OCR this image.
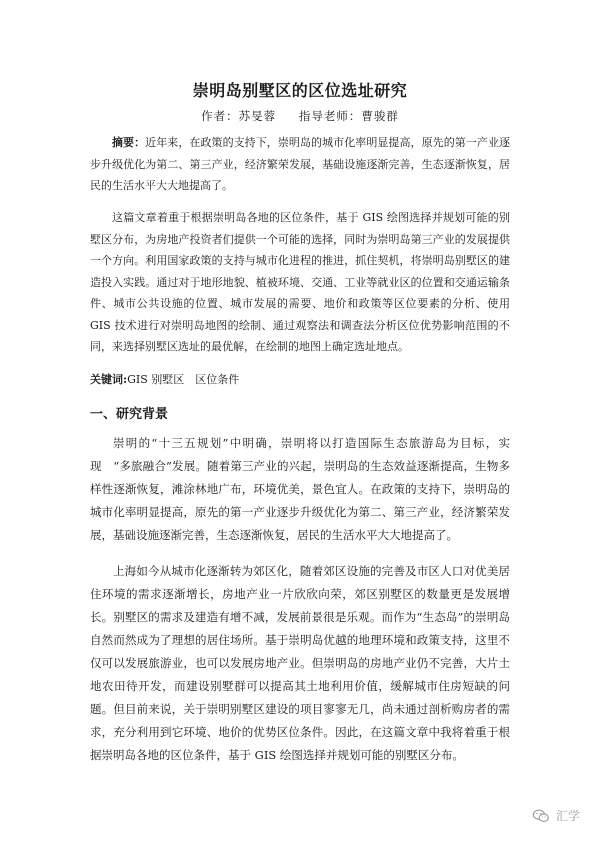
崇明岛别墅区的区位选址研究
作者：苏旻蓉 指导老师：曹骏群
摘要：近年来，在政策的支持下，崇明岛的城市化率明显提高，原先的第一产业逐步升级优化为第二、第三产业，经济繁荣发展，基础设施逐渐完善，生态逐渐恢复，居民的生活水平大大地提高了。
这篇文章着重于根据崇明岛各地的区位条件，基于 GIS 绘图选择并规划可能的别墅区分布，为房地产投资者们提供一个可能的选择，同时为崇明岛第三产业的发展提供一个方向。利用国家政策的支持与城市化进程的推进，抓住契机，将崇明岛别墅区的建造投入实践。通过对于地形地貌、植被环境、交通、工业等就业区的位置和交通运输条件、城市公共设施的位置、城市发展的需要、地价和政策等区位要素的分析、使用 GIS 技术进行对崇明岛地图的绘制、通过观察法和调查法分析区位优势影响范围的不同，来选择别墅区选址的最优解，在绘制的地图上确定选址地点。
关键词:GIS 别墅区　区位条件
一、研究背景
崇明的“十三五规划”中明确，崇明将以打造国际生态旅游岛为目标，实现　“多旅融合”发展。随着第三产业的兴起，崇明岛的生态效益逐渐提高，生物多样性逐渐恢复，滩涂林地广布，环境优美，景色宜人。在政策的支持下，崇明岛的城市化率明显提高，原先的第一产业逐步升级优化为第二、第三产业，经济繁荣发展，基础设施逐渐完善，生态逐渐恢复，居民的生活水平大大地提高了。
上海如今从城市化逐渐转为郊区化，随着郊区设施的完善及市区人口对优美居住环境的需求逐渐增长，房地产业一片欣欣向荣，郊区别墅区的数量更是发展增长。别墅区的需求及建造有增不减，发展前景很是乐观。而作为“生态岛”的崇明岛自然而然成为了理想的居住场所。基于崇明岛优越的地理环境和政策支持，这里不仅可以发展旅游业，也可以发展房地产业。但崇明岛的房地产业仍不完善，大片土地农田待开发，而建设别墅群可以提高其土地利用价值，缓解城市住房短缺的问题。但目前来说，关于崇明别墅区建设的项目寥寥无几，尚未通过剖析购房者的需求，充分利用到它环境、地价的优势区位条件。因此，在这篇文章中我将着重于根据崇明岛各地的区位条件，基于 GIS 绘图选择并规划可能的别墅区分布。
汇学
